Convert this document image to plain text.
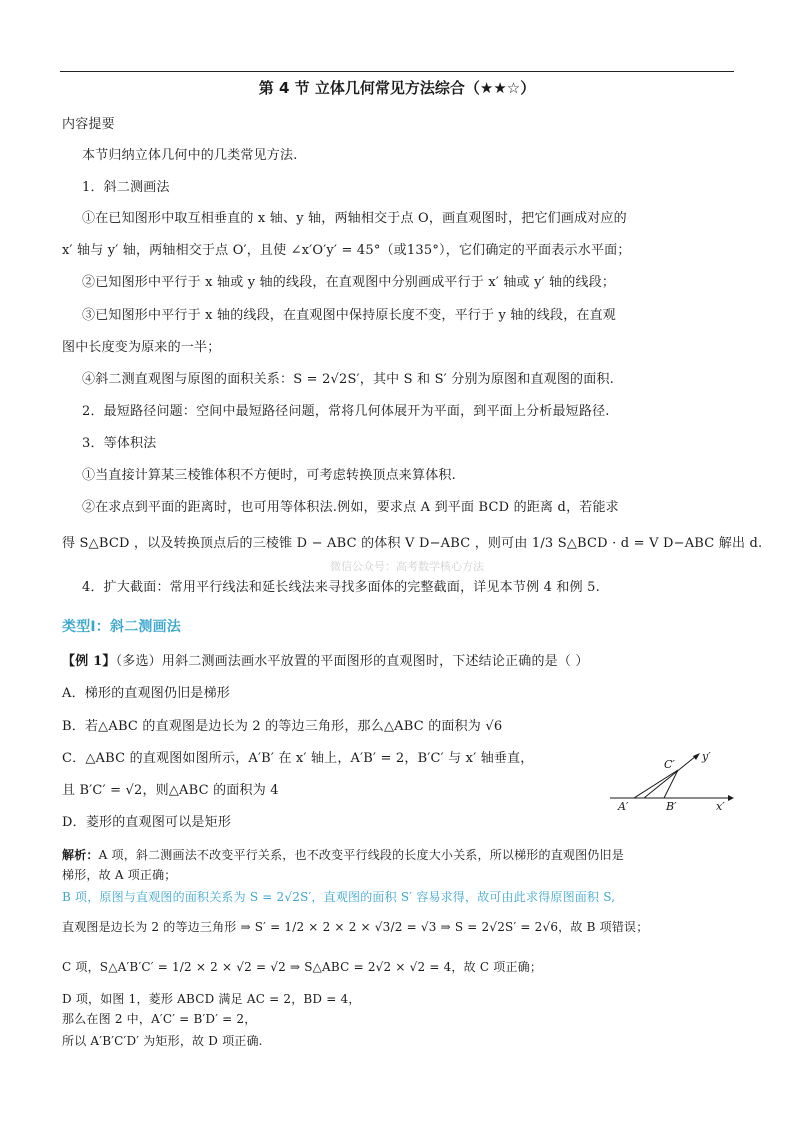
第 4 节 立体几何常见方法综合（★★☆）
内容提要
本节归纳立体几何中的几类常见方法.
1．斜二测画法
①在已知图形中取互相垂直的 x 轴、y 轴，两轴相交于点 O，画直观图时，把它们画成对应的
x′ 轴与 y′ 轴，两轴相交于点 O′，且使 ∠x′O′y′ = 45°（或135°），它们确定的平面表示水平面；
②已知图形中平行于 x 轴或 y 轴的线段，在直观图中分别画成平行于 x′ 轴或 y′ 轴的线段；
③已知图形中平行于 x 轴的线段，在直观图中保持原长度不变，平行于 y 轴的线段，在直观
图中长度变为原来的一半；
④斜二测直观图与原图的面积关系：S = 2√2S′，其中 S 和 S′ 分别为原图和直观图的面积.
2．最短路径问题：空间中最短路径问题，常将几何体展开为平面，到平面上分析最短路径.
3．等体积法
①当直接计算某三棱锥体积不方便时，可考虑转换顶点来算体积.
②在求点到平面的距离时，也可用等体积法.例如，要求点 A 到平面 BCD 的距离 d，若能求
得 S△BCD ，以及转换顶点后的三棱锥 D − ABC 的体积 V D−ABC ，则可由 1/3 S△BCD · d = V D−ABC 解出 d.
微信公众号：高考数学核心方法
4．扩大截面：常用平行线法和延长线法来寻找多面体的完整截面，详见本节例 4 和例 5.
类型Ⅰ：斜二测画法
【例 1】（多选）用斜二测画法画水平放置的平面图形的直观图时，下述结论正确的是（ ）
A．梯形的直观图仍旧是梯形
B．若△ABC 的直观图是边长为 2 的等边三角形，那么△ABC 的面积为 √6
C．△ABC 的直观图如图所示，A′B′ 在 x′ 轴上，A′B′ = 2，B′C′ 与 x′ 轴垂直，
且 B′C′ = √2，则△ABC 的面积为 4
D．菱形的直观图可以是矩形
C′
y′
A′	B′	x′
解析：A 项，斜二测画法不改变平行关系，也不改变平行线段的长度大小关系，所以梯形的直观图仍旧是
梯形，故 A 项正确；
B 项，原图与直观图的面积关系为 S = 2√2S′，直观图的面积 S′ 容易求得，故可由此求得原图面积 S,
直观图是边长为 2 的等边三角形 ⇒ S′ = 1/2 × 2 × 2 × √3/2 = √3 ⇒ S = 2√2S′ = 2√6，故 B 项错误；
C 项，S△A′B′C′ = 1/2 × 2 × √2 = √2 ⇒ S△ABC = 2√2 × √2 = 4，故 C 项正确；
D 项，如图 1，菱形 ABCD 满足 AC = 2，BD = 4，
那么在图 2 中，A′C′ = B′D′ = 2，
所以 A′B′C′D′ 为矩形，故 D 项正确.
